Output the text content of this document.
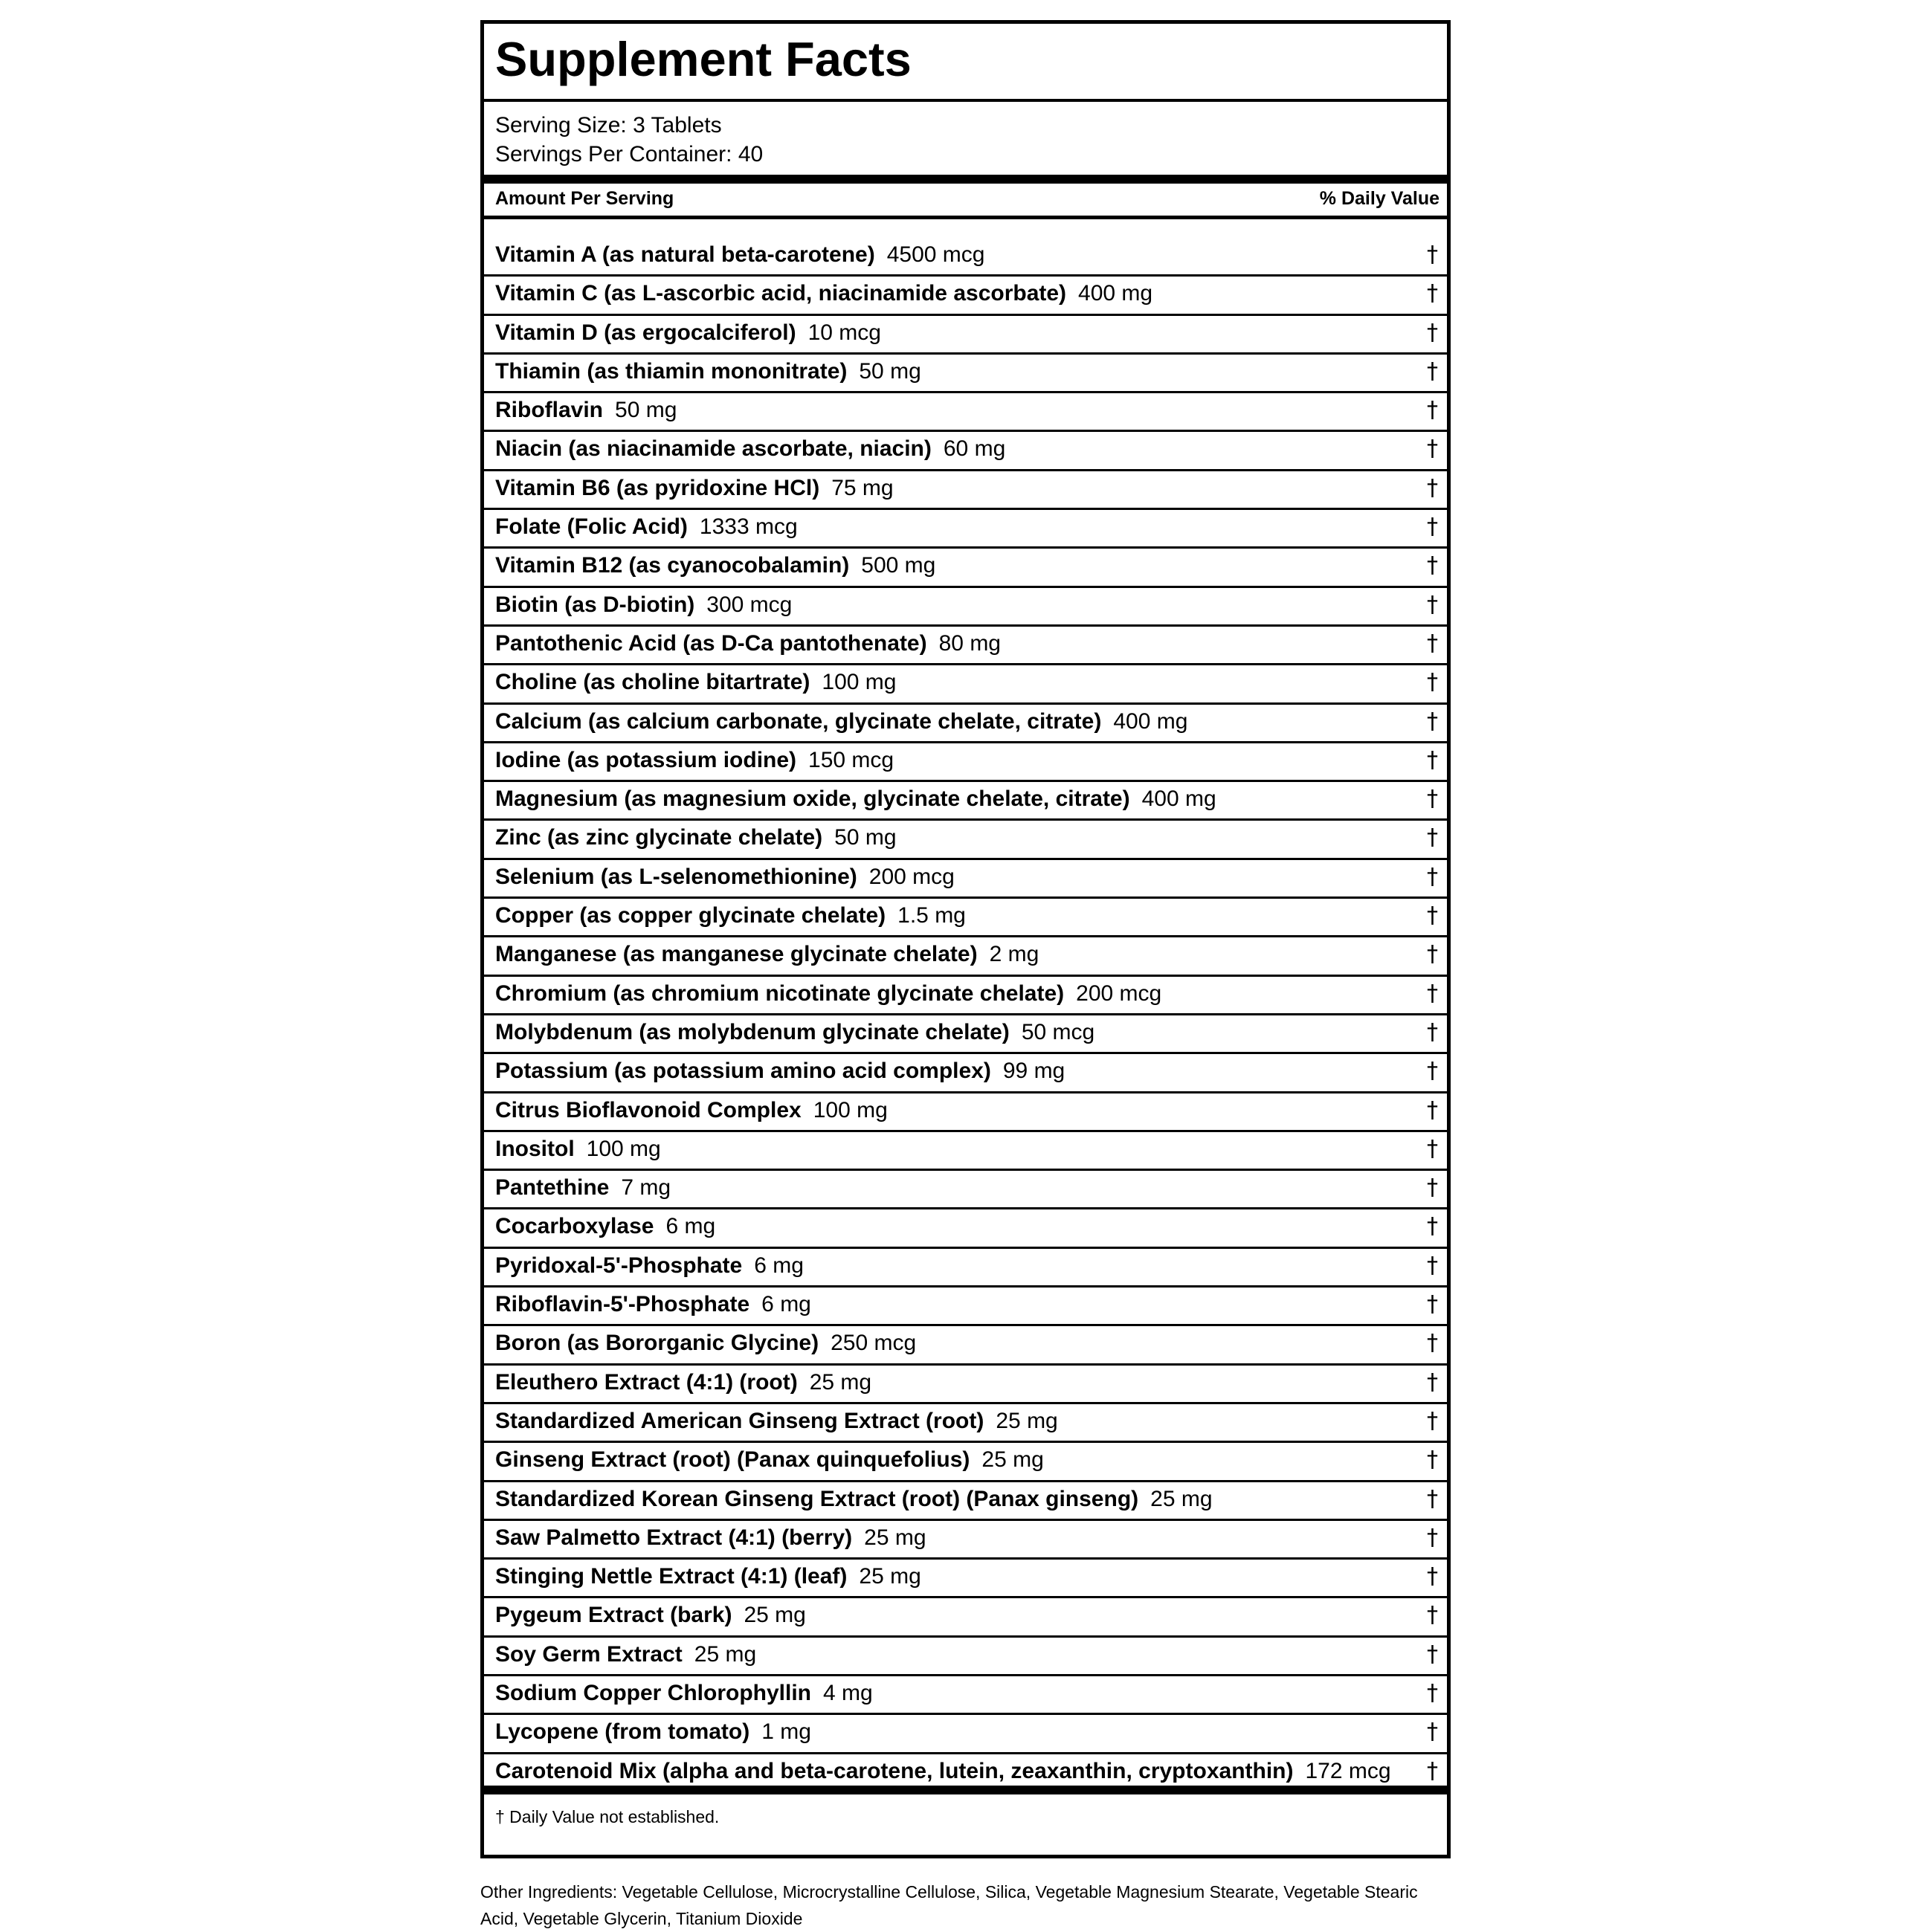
Supplement Facts
Serving Size: 3 Tablets
Servings Per Container: 40
Amount Per Serving	% Daily Value
Vitamin A (as natural beta-carotene) 4500 mcg	†
Vitamin C (as L-ascorbic acid, niacinamide ascorbate) 400 mg	†
Vitamin D (as ergocalciferol) 10 mcg	†
Thiamin (as thiamin mononitrate) 50 mg	†
Riboflavin 50 mg	†
Niacin (as niacinamide ascorbate, niacin) 60 mg	†
Vitamin B6 (as pyridoxine HCl) 75 mg	†
Folate (Folic Acid) 1333 mcg	†
Vitamin B12 (as cyanocobalamin) 500 mg	†
Biotin (as D-biotin) 300 mcg	†
Pantothenic Acid (as D-Ca pantothenate) 80 mg	†
Choline (as choline bitartrate) 100 mg	†
Calcium (as calcium carbonate, glycinate chelate, citrate) 400 mg	†
Iodine (as potassium iodine) 150 mcg	†
Magnesium (as magnesium oxide, glycinate chelate, citrate) 400 mg	†
Zinc (as zinc glycinate chelate) 50 mg	†
Selenium (as L-selenomethionine) 200 mcg	†
Copper (as copper glycinate chelate) 1.5 mg	†
Manganese (as manganese glycinate chelate) 2 mg	†
Chromium (as chromium nicotinate glycinate chelate) 200 mcg	†
Molybdenum (as molybdenum glycinate chelate) 50 mcg	†
Potassium (as potassium amino acid complex) 99 mg	†
Citrus Bioflavonoid Complex 100 mg	†
Inositol 100 mg	†
Pantethine 7 mg	†
Cocarboxylase 6 mg	†
Pyridoxal-5'-Phosphate 6 mg	†
Riboflavin-5'-Phosphate 6 mg	†
Boron (as Bororganic Glycine) 250 mcg	†
Eleuthero Extract (4:1) (root) 25 mg	†
Standardized American Ginseng Extract (root) 25 mg	†
Ginseng Extract (root) (Panax quinquefolius) 25 mg	†
Standardized Korean Ginseng Extract (root) (Panax ginseng) 25 mg	†
Saw Palmetto Extract (4:1) (berry) 25 mg	†
Stinging Nettle Extract (4:1) (leaf) 25 mg	†
Pygeum Extract (bark) 25 mg	†
Soy Germ Extract 25 mg	†
Sodium Copper Chlorophyllin 4 mg	†
Lycopene (from tomato) 1 mg	†
Carotenoid Mix (alpha and beta-carotene, lutein, zeaxanthin, cryptoxanthin) 172 mcg †
† Daily Value not established.
Other Ingredients: Vegetable Cellulose, Microcrystalline Cellulose, Silica, Vegetable Magnesium Stearate, Vegetable Stearic Acid, Vegetable Glycerin, Titanium Dioxide
